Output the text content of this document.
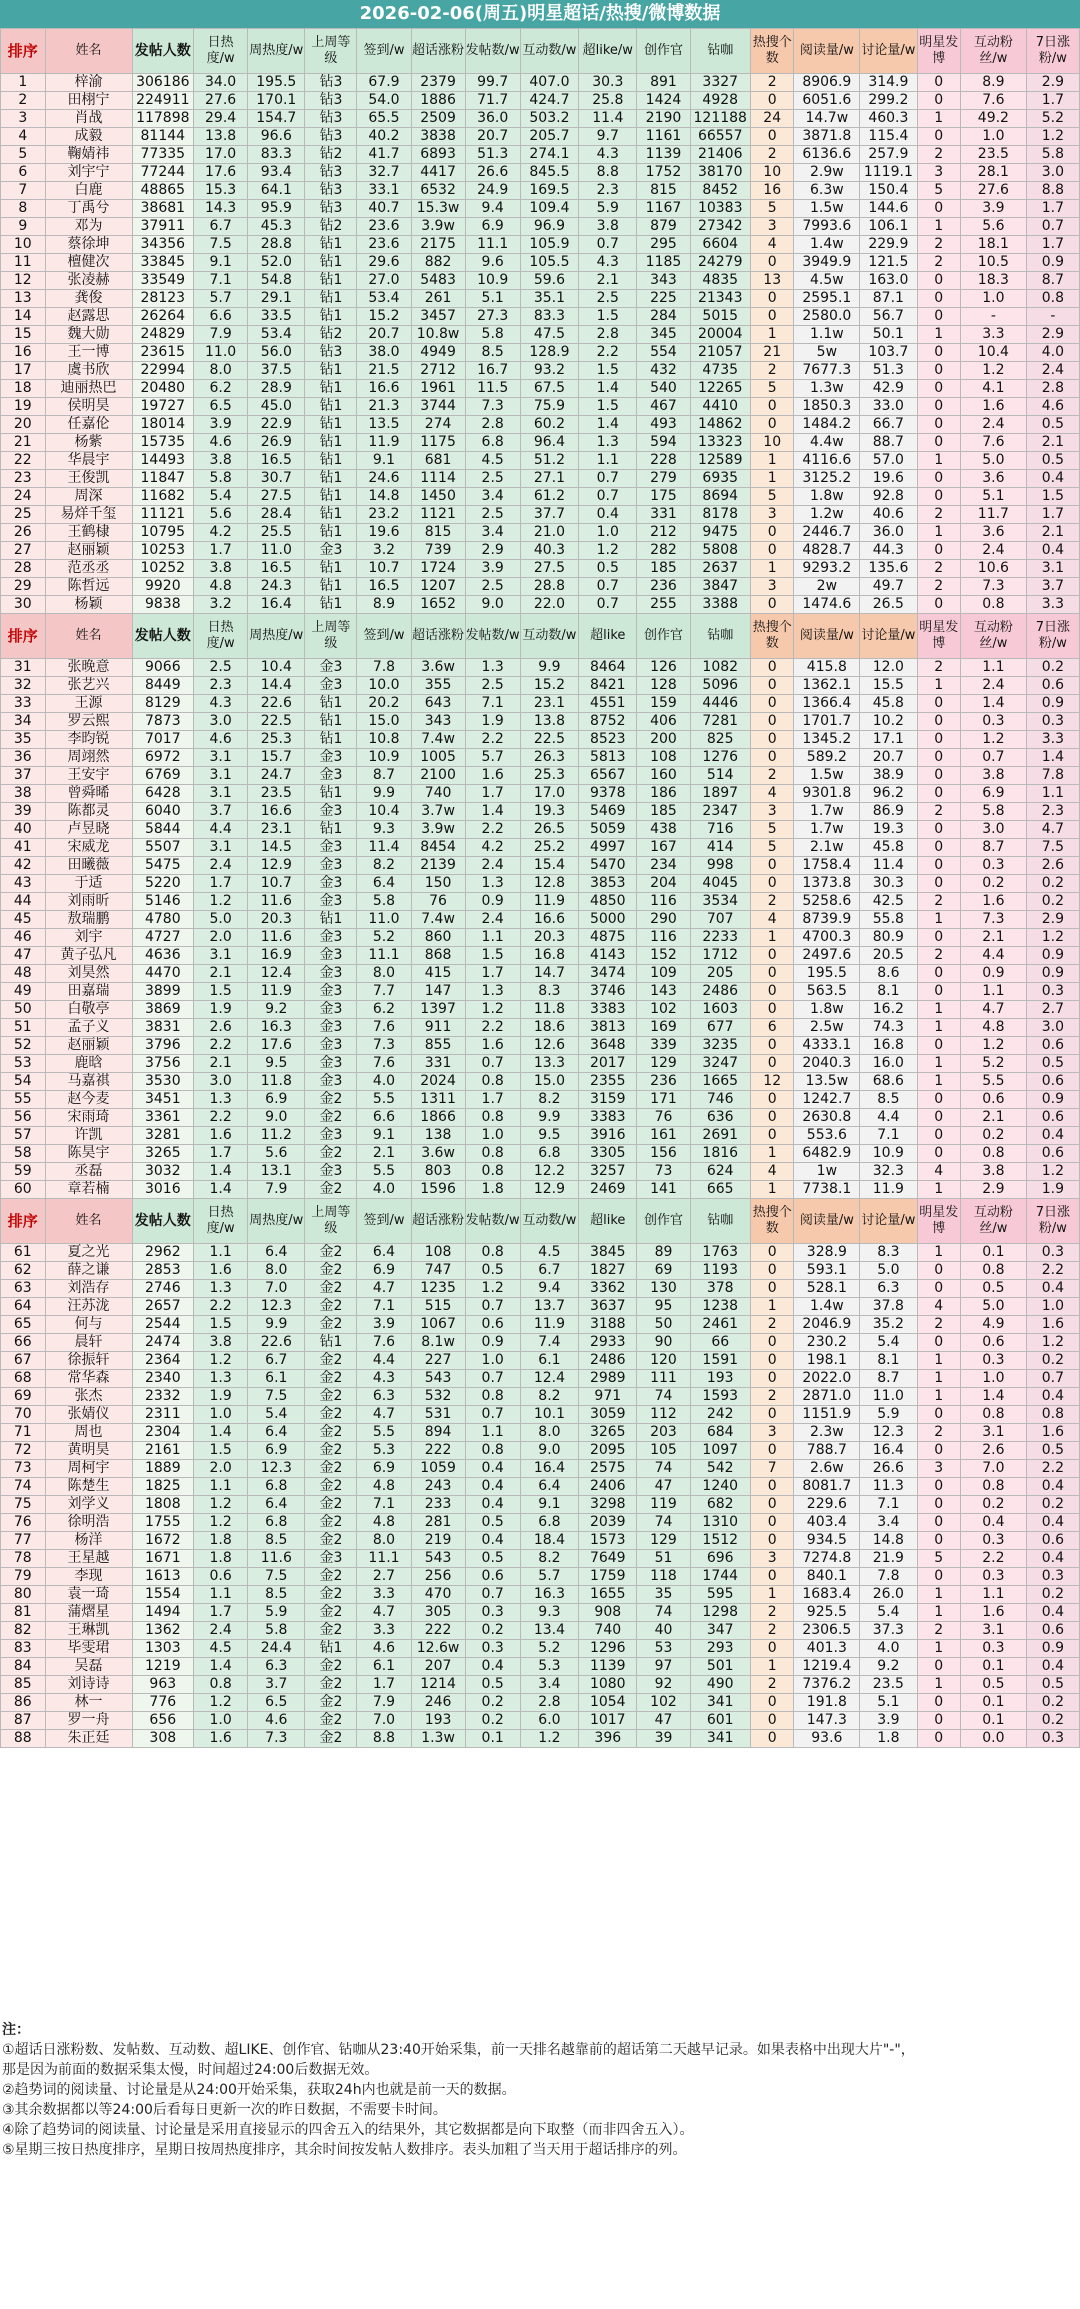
2026-02-06(周五)明星超话/热搜/微博数据
排序	姓名	发帖人数	日热度/w	周热度/w	上周等级	签到/w	超话涨粉	发帖数/w	互动数/w	超like/w	创作官	钻咖	热搜个数	阅读量/w	讨论量/w	明星发博	互动粉丝/w	7日涨粉/w
1	梓渝	306186	34.0	195.5	钻3	67.9	2379	99.7	407.0	30.3	891	3327	2	8906.9	314.9	0	8.9	2.9
2	田栩宁	224911	27.6	170.1	钻3	54.0	1886	71.7	424.7	25.8	1424	4928	0	6051.6	299.2	0	7.6	1.7
3	肖战	117898	29.4	154.7	钻3	65.5	2509	36.0	503.2	11.4	2190	121188	24	14.7w	460.3	1	49.2	5.2
4	成毅	81144	13.8	96.6	钻3	40.2	3838	20.7	205.7	9.7	1161	66557	0	3871.8	115.4	0	1.0	1.2
5	鞠婧祎	77335	17.0	83.3	钻2	41.7	6893	51.3	274.1	4.3	1139	21406	2	6136.6	257.9	2	23.5	5.8
6	刘宇宁	77244	17.6	93.4	钻3	32.7	4417	26.6	845.5	8.8	1752	38170	10	2.9w	1119.1	3	28.1	3.0
7	白鹿	48865	15.3	64.1	钻3	33.1	6532	24.9	169.5	2.3	815	8452	16	6.3w	150.4	5	27.6	8.8
8	丁禹兮	38681	14.3	95.9	钻3	40.7	15.3w	9.4	109.4	5.9	1167	10383	5	1.5w	144.6	0	3.9	1.7
9	邓为	37911	6.7	45.3	钻2	23.6	3.9w	6.9	96.9	3.8	879	27342	3	7993.6	106.1	1	5.6	0.7
10	蔡徐坤	34356	7.5	28.8	钻1	23.6	2175	11.1	105.9	0.7	295	6604	4	1.4w	229.9	2	18.1	1.7
11	檀健次	33845	9.1	52.0	钻1	29.6	882	9.6	105.5	4.3	1185	24279	0	3949.9	121.5	2	10.5	0.9
12	张凌赫	33549	7.1	54.8	钻1	27.0	5483	10.9	59.6	2.1	343	4835	13	4.5w	163.0	0	18.3	8.7
13	龚俊	28123	5.7	29.1	钻1	53.4	261	5.1	35.1	2.5	225	21343	0	2595.1	87.1	0	1.0	0.8
14	赵露思	26264	6.6	33.5	钻1	15.2	3457	27.3	83.3	1.5	284	5015	0	2580.0	56.7	0	-	-
15	魏大勋	24829	7.9	53.4	钻2	20.7	10.8w	5.8	47.5	2.8	345	20004	1	1.1w	50.1	1	3.3	2.9
16	王一博	23615	11.0	56.0	钻3	38.0	4949	8.5	128.9	2.2	554	21057	21	5w	103.7	0	10.4	4.0
17	虞书欣	22994	8.0	37.5	钻1	21.5	2712	16.7	93.2	1.5	432	4735	2	7677.3	51.3	0	1.2	2.4
18	迪丽热巴	20480	6.2	28.9	钻1	16.6	1961	11.5	67.5	1.4	540	12265	5	1.3w	42.9	0	4.1	2.8
19	侯明昊	19727	6.5	45.0	钻1	21.3	3744	7.3	75.9	1.5	467	4410	0	1850.3	33.0	0	1.6	4.6
20	任嘉伦	18014	3.9	22.9	钻1	13.5	274	2.8	60.2	1.4	493	14862	0	1484.2	66.7	0	2.4	0.5
21	杨紫	15735	4.6	26.9	钻1	11.9	1175	6.8	96.4	1.3	594	13323	10	4.4w	88.7	0	7.6	2.1
22	华晨宇	14493	3.8	16.5	钻1	9.1	681	4.5	51.2	1.1	228	12589	1	4116.6	57.0	1	5.0	0.5
23	王俊凯	11847	5.8	30.7	钻1	24.6	1114	2.5	27.1	0.7	279	6935	1	3125.2	19.6	0	3.6	0.4
24	周深	11682	5.4	27.5	钻1	14.8	1450	3.4	61.2	0.7	175	8694	5	1.8w	92.8	0	5.1	1.5
25	易烊千玺	11121	5.6	28.4	钻1	23.2	1121	2.5	37.7	0.4	331	8178	3	1.2w	40.6	2	11.7	1.7
26	王鹤棣	10795	4.2	25.5	钻1	19.6	815	3.4	21.0	1.0	212	9475	0	2446.7	36.0	1	3.6	2.1
27	赵丽颖	10253	1.7	11.0	金3	3.2	739	2.9	40.3	1.2	282	5808	0	4828.7	44.3	0	2.4	0.4
28	范丞丞	10252	3.8	16.5	钻1	10.7	1724	3.9	27.5	0.5	185	2637	1	9293.2	135.6	2	10.6	3.1
29	陈哲远	9920	4.8	24.3	钻1	16.5	1207	2.5	28.8	0.7	236	3847	3	2w	49.7	2	7.3	3.7
30	杨颖	9838	3.2	16.4	钻1	8.9	1652	9.0	22.0	0.7	255	3388	0	1474.6	26.5	0	0.8	3.3
排序	姓名	发帖人数	日热度/w	周热度/w	上周等级	签到/w	超话涨粉	发帖数/w	互动数/w	超like	创作官	钻咖	热搜个数	阅读量/w	讨论量/w	明星发博	互动粉丝/w	7日涨粉/w
31	张晚意	9066	2.5	10.4	金3	7.8	3.6w	1.3	9.9	8464	126	1082	0	415.8	12.0	2	1.1	0.2
32	张艺兴	8449	2.3	14.4	金3	10.0	355	2.5	15.2	8421	128	5096	0	1362.1	15.5	1	2.4	0.6
33	王源	8129	4.3	22.6	钻1	20.2	643	7.1	23.1	4551	159	4446	0	1366.4	45.8	0	1.4	0.9
34	罗云熙	7873	3.0	22.5	钻1	15.0	343	1.9	13.8	8752	406	7281	0	1701.7	10.2	0	0.3	0.3
35	李昀锐	7017	4.6	25.3	钻1	10.8	7.4w	2.2	22.5	8523	200	825	0	1345.2	17.1	0	1.2	3.3
36	周翊然	6972	3.1	15.7	金3	10.9	1005	5.7	26.3	5813	108	1276	0	589.2	20.7	0	0.7	1.4
37	王安宇	6769	3.1	24.7	金3	8.7	2100	1.6	25.3	6567	160	514	2	1.5w	38.9	0	3.8	7.8
38	曾舜晞	6428	3.1	23.5	钻1	9.9	740	1.7	17.0	9378	186	1897	4	9301.8	96.2	0	6.9	1.1
39	陈都灵	6040	3.7	16.6	金3	10.4	3.7w	1.4	19.3	5469	185	2347	3	1.7w	86.9	2	5.8	2.3
40	卢昱晓	5844	4.4	23.1	钻1	9.3	3.9w	2.2	26.5	5059	438	716	5	1.7w	19.3	0	3.0	4.7
41	宋威龙	5507	3.1	14.5	金3	11.4	8454	4.2	25.2	4997	167	414	5	2.1w	45.8	0	8.7	7.5
42	田曦薇	5475	2.4	12.9	金3	8.2	2139	2.4	15.4	5470	234	998	0	1758.4	11.4	0	0.3	2.6
43	于适	5220	1.7	10.7	金3	6.4	150	1.3	12.8	3853	204	4045	0	1373.8	30.3	0	0.2	0.2
44	刘雨昕	5146	1.2	11.6	金3	5.8	76	0.9	11.9	4850	116	3534	2	5258.6	42.5	2	1.6	0.2
45	敖瑞鹏	4780	5.0	20.3	钻1	11.0	7.4w	2.4	16.6	5000	290	707	4	8739.9	55.8	1	7.3	2.9
46	刘宇	4727	2.0	11.6	金3	5.2	860	1.1	20.3	4875	116	2233	1	4700.3	80.9	0	2.1	1.2
47	黄子弘凡	4636	3.1	16.9	金3	11.1	868	1.5	16.8	4143	152	1712	0	2497.6	20.5	2	4.4	0.9
48	刘昊然	4470	2.1	12.4	金3	8.0	415	1.7	14.7	3474	109	205	0	195.5	8.6	0	0.9	0.9
49	田嘉瑞	3899	1.5	11.9	金3	7.7	147	1.3	8.3	3746	143	2486	0	563.5	8.1	0	1.1	0.3
50	白敬亭	3869	1.9	9.2	金3	6.2	1397	1.2	11.8	3383	102	1603	0	1.8w	16.2	1	4.7	2.7
51	孟子义	3831	2.6	16.3	金3	7.6	911	2.2	18.6	3813	169	677	6	2.5w	74.3	1	4.8	3.0
52	赵丽颖	3796	2.2	17.6	金3	7.3	855	1.6	12.6	3648	339	3235	0	4333.1	16.8	0	1.2	0.6
53	鹿晗	3756	2.1	9.5	金3	7.6	331	0.7	13.3	2017	129	3247	0	2040.3	16.0	1	5.2	0.5
54	马嘉祺	3530	3.0	11.8	金3	4.0	2024	0.8	15.0	2355	236	1665	12	13.5w	68.6	1	5.5	0.6
55	赵今麦	3451	1.3	6.9	金2	5.5	1311	1.7	8.2	3159	171	746	0	1242.7	8.5	0	0.6	0.9
56	宋雨琦	3361	2.2	9.0	金2	6.6	1866	0.8	9.9	3383	76	636	0	2630.8	4.4	0	2.1	0.6
57	许凯	3281	1.6	11.2	金3	9.1	138	1.0	9.5	3916	161	2691	0	553.6	7.1	0	0.2	0.4
58	陈昊宇	3265	1.7	5.6	金2	2.1	3.6w	0.8	6.8	3305	156	1816	1	6482.9	10.9	0	0.8	0.6
59	丞磊	3032	1.4	13.1	金3	5.5	803	0.8	12.2	3257	73	624	4	1w	32.3	4	3.8	1.2
60	章若楠	3016	1.4	7.9	金2	4.0	1596	1.8	12.9	2469	141	665	1	7738.1	11.9	1	2.9	1.9
排序	姓名	发帖人数	日热度/w	周热度/w	上周等级	签到/w	超话涨粉	发帖数/w	互动数/w	超like	创作官	钻咖	热搜个数	阅读量/w	讨论量/w	明星发博	互动粉丝/w	7日涨粉/w
61	夏之光	2962	1.1	6.4	金2	6.4	108	0.8	4.5	3845	89	1763	0	328.9	8.3	1	0.1	0.3
62	薛之谦	2853	1.6	8.0	金2	6.9	747	0.5	6.7	1827	69	1193	0	593.1	5.0	0	0.8	2.2
63	刘浩存	2746	1.3	7.0	金2	4.7	1235	1.2	9.4	3362	130	378	0	528.1	6.3	0	0.5	0.4
64	汪苏泷	2657	2.2	12.3	金2	7.1	515	0.7	13.7	3637	95	1238	1	1.4w	37.8	4	5.0	1.0
65	何与	2544	1.5	9.9	金2	3.9	1067	0.6	11.9	3188	50	2461	2	2046.9	35.2	2	4.9	1.6
66	晨轩	2474	3.8	22.6	钻1	7.6	8.1w	0.9	7.4	2933	90	66	0	230.2	5.4	0	0.6	1.2
67	徐振轩	2364	1.2	6.7	金2	4.4	227	1.0	6.1	2486	120	1591	0	198.1	8.1	1	0.3	0.2
68	常华森	2340	1.3	6.1	金2	4.3	543	0.7	12.4	2989	111	193	0	2022.0	8.7	1	1.0	0.7
69	张杰	2332	1.9	7.5	金2	6.3	532	0.8	8.2	971	74	1593	2	2871.0	11.0	1	1.4	0.4
70	张婧仪	2311	1.0	5.4	金2	4.7	531	0.7	10.1	3059	112	242	0	1151.9	5.9	0	0.8	0.8
71	周也	2304	1.4	6.4	金2	5.5	894	1.1	8.0	3265	203	684	3	2.3w	12.3	2	3.1	1.6
72	黄明昊	2161	1.5	6.9	金2	5.3	222	0.8	9.0	2095	105	1097	0	788.7	16.4	0	2.6	0.5
73	周柯宇	1889	2.0	12.3	金2	6.9	1059	0.4	16.4	2575	74	542	7	2.6w	26.6	3	7.0	2.2
74	陈楚生	1825	1.1	6.8	金2	4.8	243	0.4	6.4	2406	47	1240	0	8081.7	11.3	0	0.8	0.4
75	刘学义	1808	1.2	6.4	金2	7.1	233	0.4	9.1	3298	119	682	0	229.6	7.1	0	0.2	0.2
76	徐明浩	1755	1.2	6.8	金2	4.8	281	0.5	6.8	2039	74	1310	0	403.4	3.4	0	0.4	0.4
77	杨洋	1672	1.8	8.5	金2	8.0	219	0.4	18.4	1573	129	1512	0	934.5	14.8	0	0.3	0.6
78	王星越	1671	1.8	11.6	金3	11.1	543	0.5	8.2	7649	51	696	3	7274.8	21.9	5	2.2	0.4
79	李现	1613	0.6	7.5	金2	2.7	256	0.6	5.7	1759	118	1744	0	840.1	7.8	0	0.3	0.3
80	袁一琦	1554	1.1	8.5	金2	3.3	470	0.7	16.3	1655	35	595	1	1683.4	26.0	1	1.1	0.2
81	蒲熠星	1494	1.7	5.9	金2	4.7	305	0.3	9.3	908	74	1298	2	925.5	5.4	1	1.6	0.4
82	王琳凯	1362	2.4	5.8	金2	3.3	222	0.2	13.4	740	40	347	2	2306.5	37.3	2	3.1	0.6
83	毕雯珺	1303	4.5	24.4	钻1	4.6	12.6w	0.3	5.2	1296	53	293	0	401.3	4.0	1	0.3	0.9
84	吴磊	1219	1.4	6.3	金2	6.1	207	0.4	5.3	1139	97	501	1	1219.4	9.2	0	0.1	0.4
85	刘诗诗	963	0.8	3.7	金2	1.7	1214	0.5	3.4	1080	92	490	2	7376.2	23.5	1	0.5	0.5
86	林一	776	1.2	6.5	金2	7.9	246	0.2	2.8	1054	102	341	0	191.8	5.1	0	0.1	0.2
87	罗一舟	656	1.0	4.6	金2	7.0	193	0.2	6.0	1017	47	601	0	147.3	3.9	0	0.1	0.2
88	朱正廷	308	1.6	7.3	金2	8.8	1.3w	0.1	1.2	396	39	341	0	93.6	1.8	0	0.0	0.3
注：
①超话日涨粉数、发帖数、互动数、超LIKE、创作官、钻咖从23:40开始采集，前一天排名越靠前的超话第二天越早记录。如果表格中出现大片"-"，
那是因为前面的数据采集太慢，时间超过24:00后数据无效。
②趋势词的阅读量、讨论量是从24:00开始采集，获取24h内也就是前一天的数据。
③其余数据都以等24:00后看每日更新一次的昨日数据，不需要卡时间。
④除了趋势词的阅读量、讨论量是采用直接显示的四舍五入的结果外，其它数据都是向下取整（而非四舍五入）。
⑤星期三按日热度排序，星期日按周热度排序，其余时间按发帖人数排序。表头加粗了当天用于超话排序的列。
